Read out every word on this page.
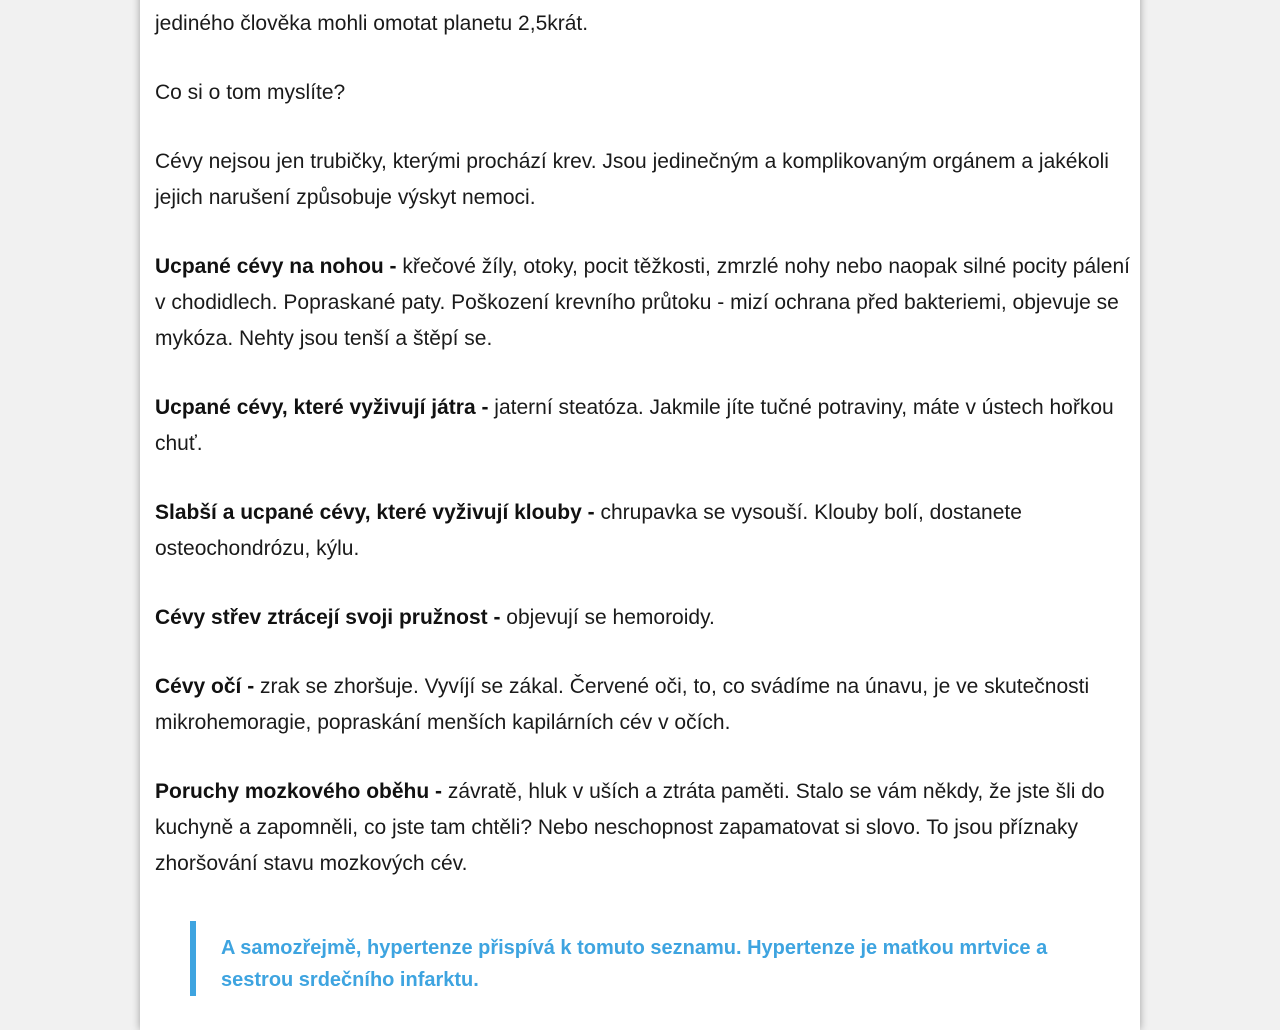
jediného člověka mohli omotat planetu 2,5krát.

Co si o tom myslíte?

Cévy nejsou jen trubičky, kterými prochází krev. Jsou jedinečným a komplikovaným orgánem a jakékoli jejich narušení způsobuje výskyt nemoci.

Ucpané cévy na nohou - křečové žíly, otoky, pocit těžkosti, zmrzlé nohy nebo naopak silné pocity pálení v chodidlech. Popraskané paty. Poškození krevního průtoku - mizí ochrana před bakteriemi, objevuje se mykóza. Nehty jsou tenší a štěpí se.

Ucpané cévy, které vyživují játra - jaterní steatóza. Jakmile jíte tučné potraviny, máte v ústech hořkou chuť.

Slabší a ucpané cévy, které vyživují klouby - chrupavka se vysouší. Klouby bolí, dostanete osteochondrózu, kýlu.

Cévy střev ztrácejí svoji pružnost - objevují se hemoroidy.

Cévy očí - zrak se zhoršuje. Vyvíjí se zákal. Červené oči, to, co svádíme na únavu, je ve skutečnosti mikrohemoragie, popraskání menších kapilárních cév v očích.

Poruchy mozkového oběhu - závratě, hluk v uších a ztráta paměti. Stalo se vám někdy, že jste šli do kuchyně a zapomněli, co jste tam chtěli? Nebo neschopnost zapamatovat si slovo. To jsou příznaky zhoršování stavu mozkových cév.

A samozřejmě, hypertenze přispívá k tomuto seznamu. Hypertenze je matkou mrtvice a sestrou srdečního infarktu.
